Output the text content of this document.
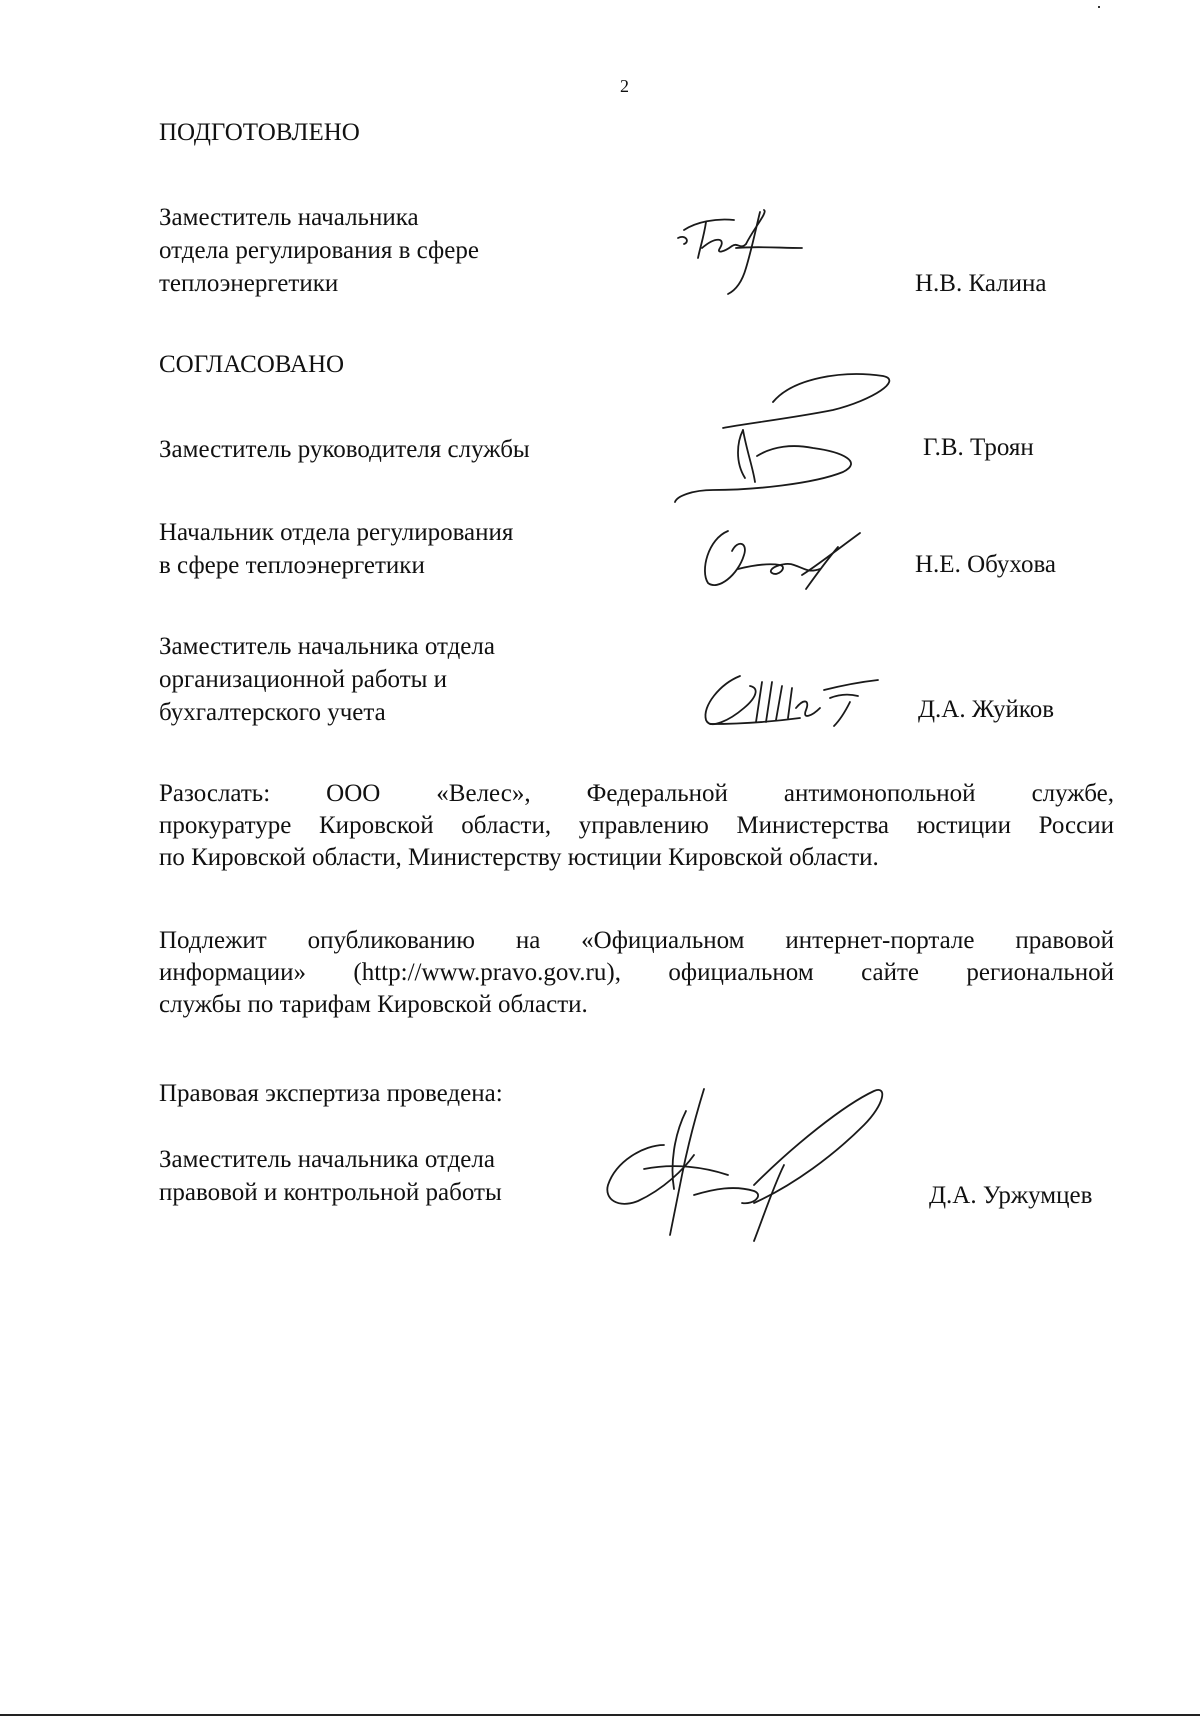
2
ПОДГОТОВЛЕНО
Заместитель начальника
отдела регулирования в сфере
теплоэнергетики	Н.В. Калина
СОГЛАСОВАНО
Заместитель руководителя службы	Г.В. Троян
Начальник отдела регулирования
в сфере теплоэнергетики	Н.Е. Обухова
Заместитель начальника отдела
организационной работы и
бухгалтерского учета	Д.А. Жуйков
Разослать: ООО «Велес», Федеральной антимонопольной службе,
прокуратуре Кировской области, управлению Министерства юстиции России
по Кировской области, Министерству юстиции Кировской области.
Подлежит опубликованию на «Официальном интернет-портале правовой
информации» (http://www.pravo.gov.ru), официальном сайте региональной
службы по тарифам Кировской области.
Правовая экспертиза проведена:
Заместитель начальника отдела
правовой и контрольной работы	Д.А. Уржумцев
